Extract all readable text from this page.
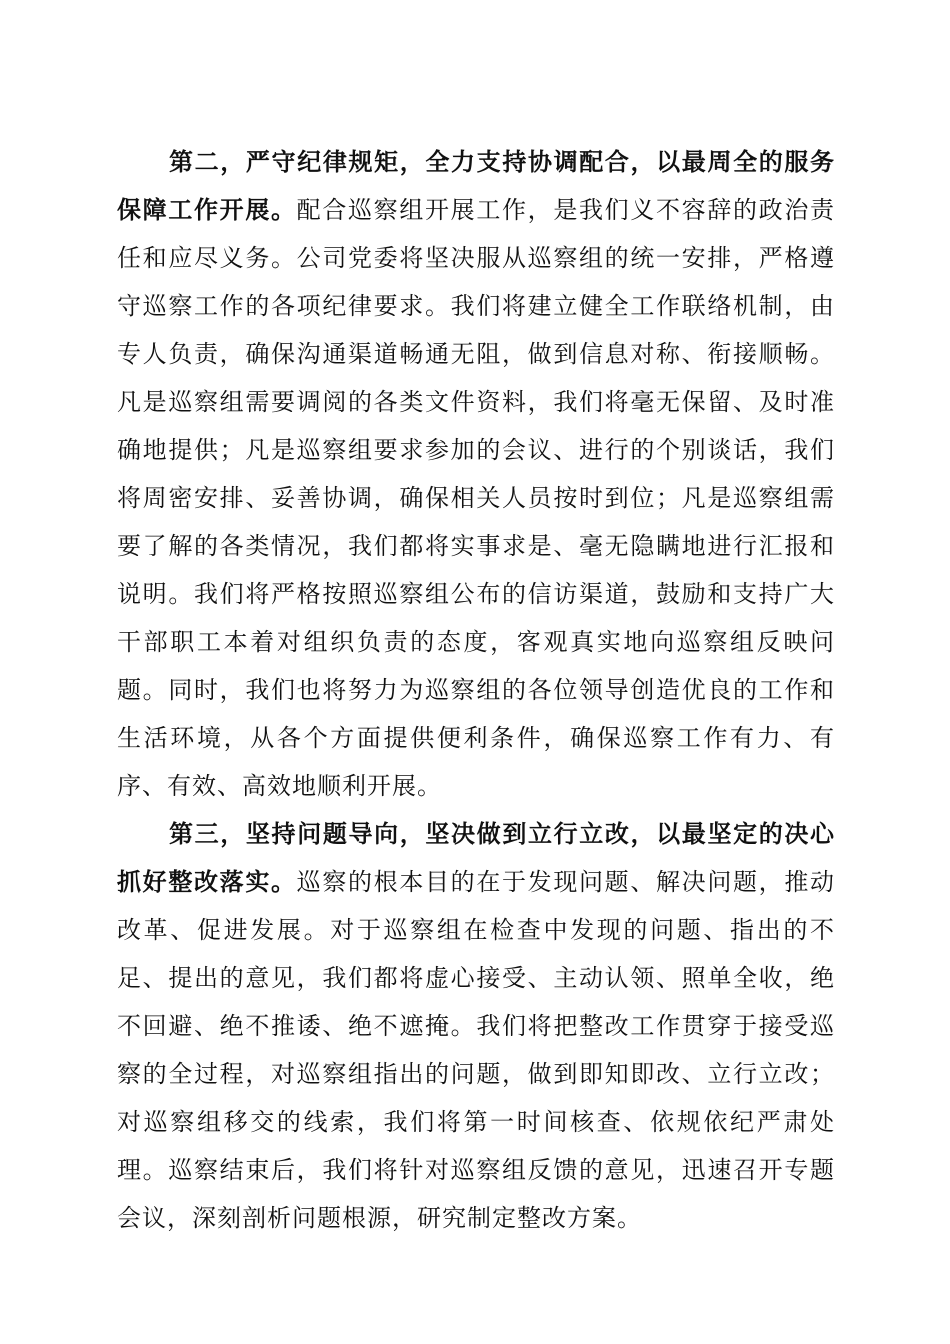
第二，严守纪律规矩，全力支持协调配合，以最周全的服务保障工作开展。配合巡察组开展工作，是我们义不容辞的政治责任和应尽义务。公司党委将坚决服从巡察组的统一安排，严格遵守巡察工作的各项纪律要求。我们将建立健全工作联络机制，由专人负责，确保沟通渠道畅通无阻，做到信息对称、衔接顺畅。凡是巡察组需要调阅的各类文件资料，我们将毫无保留、及时准确地提供；凡是巡察组要求参加的会议、进行的个别谈话，我们将周密安排、妥善协调，确保相关人员按时到位；凡是巡察组需要了解的各类情况，我们都将实事求是、毫无隐瞒地进行汇报和说明。我们将严格按照巡察组公布的信访渠道，鼓励和支持广大干部职工本着对组织负责的态度，客观真实地向巡察组反映问题。同时，我们也将努力为巡察组的各位领导创造优良的工作和生活环境，从各个方面提供便利条件，确保巡察工作有力、有序、有效、高效地顺利开展。

第三，坚持问题导向，坚决做到立行立改，以最坚定的决心抓好整改落实。巡察的根本目的在于发现问题、解决问题，推动改革、促进发展。对于巡察组在检查中发现的问题、指出的不足、提出的意见，我们都将虚心接受、主动认领、照单全收，绝不回避、绝不推诿、绝不遮掩。我们将把整改工作贯穿于接受巡察的全过程，对巡察组指出的问题，做到即知即改、立行立改；对巡察组移交的线索，我们将第一时间核查、依规依纪严肃处理。巡察结束后，我们将针对巡察组反馈的意见，迅速召开专题会议，深刻剖析问题根源，研究制定整改方案。
